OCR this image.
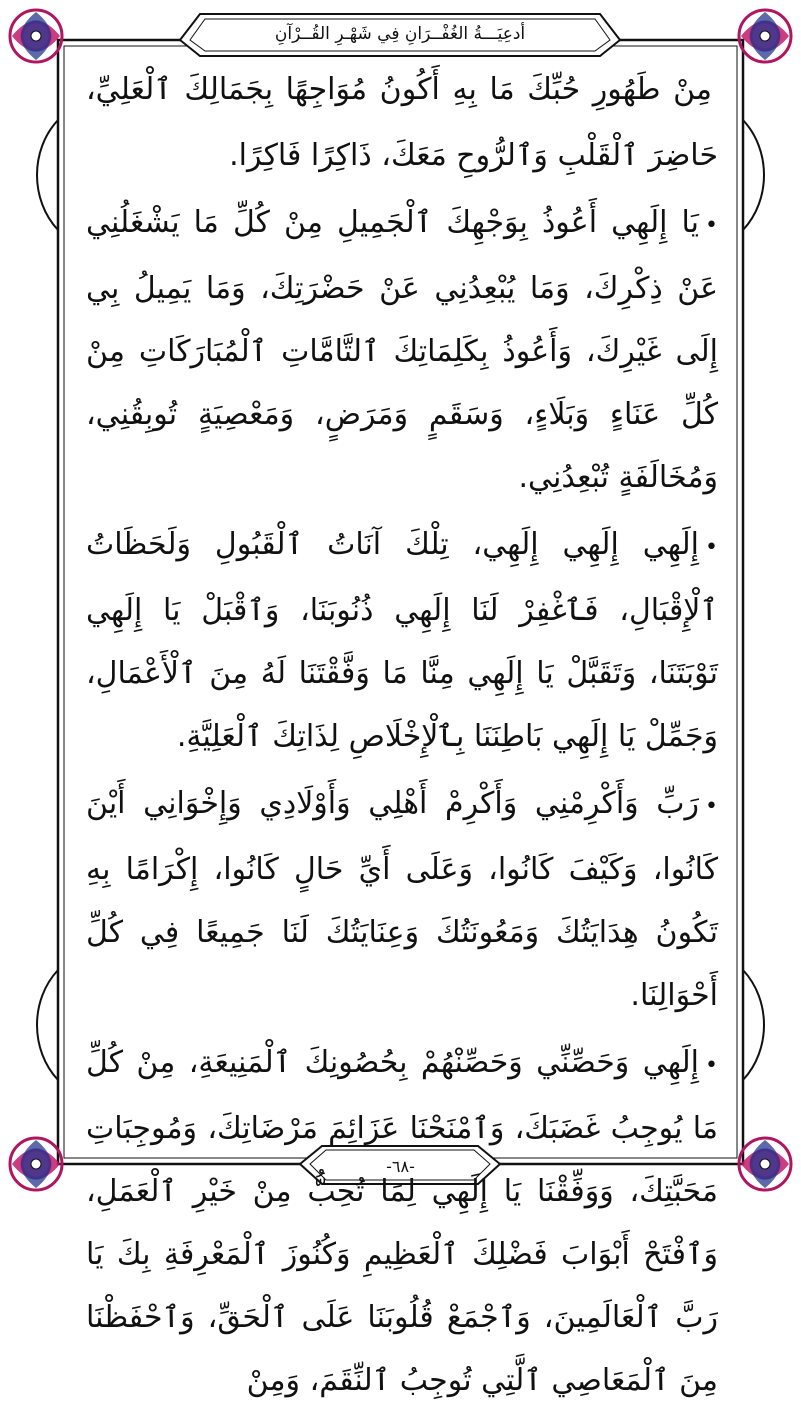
أدعِيَـــةُ الغُفْــرَانِ فِي شَهْـرِ القُــرْآنِ

مِنْ طَهُورِ حُبِّكَ مَا بِهِ أَكُونُ مُوَاجِهًا بِجَمَالِكَ ٱلْعَلِيِّ، حَاضِرَ ٱلْقَلْبِ وَٱلرُّوحِ مَعَكَ، ذَاكِرًا فَاكِرًا.

•يَا إِلَهِي أَعُوذُ بِوَجْهِكَ ٱلْجَمِيلِ مِنْ كُلِّ مَا يَشْغَلُنِي عَنْ ذِكْرِكَ، وَمَا يُبْعِدُنِي عَنْ حَضْرَتِكَ، وَمَا يَمِيلُ بِي إِلَى غَيْرِكَ، وَأَعُوذُ بِكَلِمَاتِكَ ٱلتَّامَّاتِ ٱلْمُبَارَكَاتِ مِنْ كُلِّ عَنَاءٍ وَبَلَاءٍ، وَسَقَمٍ وَمَرَضٍ، وَمَعْصِيَةٍ تُوبِقُنِي، وَمُخَالَفَةٍ تُبْعِدُنِي.

•إِلَهِي إِلَهِي إِلَهِي، تِلْكَ آنَاتُ ٱلْقَبُولِ وَلَحَظَاتُ ٱلْإِقْبَالِ، فَٱغْفِرْ لَنَا إِلَهِي ذُنُوبَنَا، وَٱقْبَلْ يَا إِلَهِي تَوْبَتَنَا، وَتَقَبَّلْ يَا إِلَهِي مِنَّا مَا وَفَّقْتَنَا لَهُ مِنَ ٱلْأَعْمَالِ، وَجَمِّلْ يَا إِلَهِي بَاطِنَنَا بِٱلْإِخْلَاصِ لِذَاتِكَ ٱلْعَلِيَّةِ.

•رَبِّ وَأَكْرِمْنِي وَأَكْرِمْ أَهْلِي وَأَوْلَادِي وَإِخْوَانِي أَيْنَ كَانُوا، وَكَيْفَ كَانُوا، وَعَلَى أَيِّ حَالٍ كَانُوا، إِكْرَامًا بِهِ تَكُونُ هِدَايَتُكَ وَمَعُونَتُكَ وَعِنَايَتُكَ لَنَا جَمِيعًا فِي كُلِّ أَحْوَالِنَا.

•إِلَهِي وَحَصِّنِّي وَحَصِّنْهُمْ بِحُصُونِكَ ٱلْمَنِيعَةِ، مِنْ كُلِّ مَا يُوجِبُ غَضَبَكَ، وَٱمْنَحْنَا عَزَائِمَ مَرْضَاتِكَ، وَمُوجِبَاتِ مَحَبَّتِكَ، وَوَفِّقْنَا يَا إِلَهِي لِمَا تُحِبُّ مِنْ خَيْرِ ٱلْعَمَلِ، وَٱفْتَحْ أَبْوَابَ فَضْلِكَ ٱلْعَظِيمِ وَكُنُوزَ ٱلْمَعْرِفَةِ بِكَ يَا رَبَّ ٱلْعَالَمِينَ، وَٱجْمَعْ قُلُوبَنَا عَلَى ٱلْحَقِّ، وَٱحْفَظْنَا مِنَ ٱلْمَعَاصِي ٱلَّتِي تُوجِبُ ٱلنِّقَمَ، وَمِنْ

-٦٨-
